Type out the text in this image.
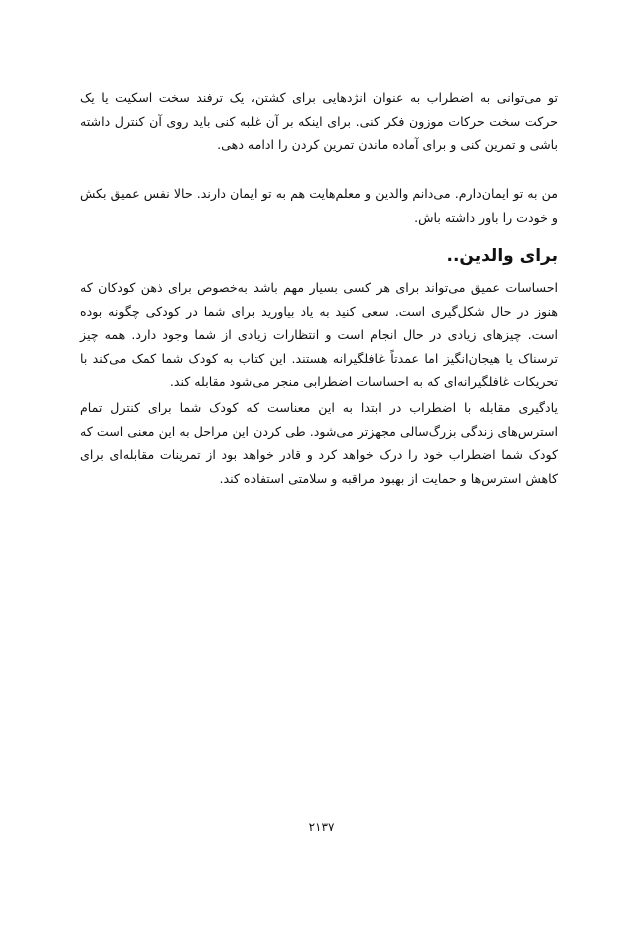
تو می‌توانی به اضطراب به عنوان انژدهایی برای کشتن، یک ترفند سخت اسکیت یا یک حرکت سخت حرکات موزون فکر کنی. برای اینکه بر آن غلبه کنی باید روی آن کنترل داشته باشی و تمرین کنی و برای آماده ماندن تمرین کردن را ادامه دهی.

من به تو ایمان‌دارم. می‌دانم والدین و معلم‌هایت هم به تو ایمان دارند. حالا نفس عمیق بکش و خودت را باور داشته باش.

برای والدین..

احساسات عمیق می‌تواند برای هر کسی بسیار مهم باشد به‌خصوص برای ذهن کودکان که هنوز در حال شکل‌گیری است. سعی کنید به یاد بیاورید برای شما در کودکی چگونه بوده است. چیزهای زیادی در حال انجام است و انتظارات زیادی از شما وجود دارد. همه چیز ترسناک یا هیجان‌انگیز اما عمدتاً غافلگیرانه هستند. این کتاب به کودک شما کمک می‌کند با تحریکات غافلگیرانه‌ای که به احساسات اضطرابی منجر می‌شود مقابله کند.

یادگیری مقابله با اضطراب در ابتدا به این معناست که کودک شما برای کنترل تمام استرس‌های زندگی بزرگ‌سالی مجهزتر می‌شود. طی کردن این مراحل به این معنی است که کودک شما اضطراب خود را درک خواهد کرد و قادر خواهد بود از تمرینات مقابله‌ای برای کاهش استرس‌ها و حمایت از بهبود مراقبه و سلامتی استفاده کند.

۲۱۳۷
